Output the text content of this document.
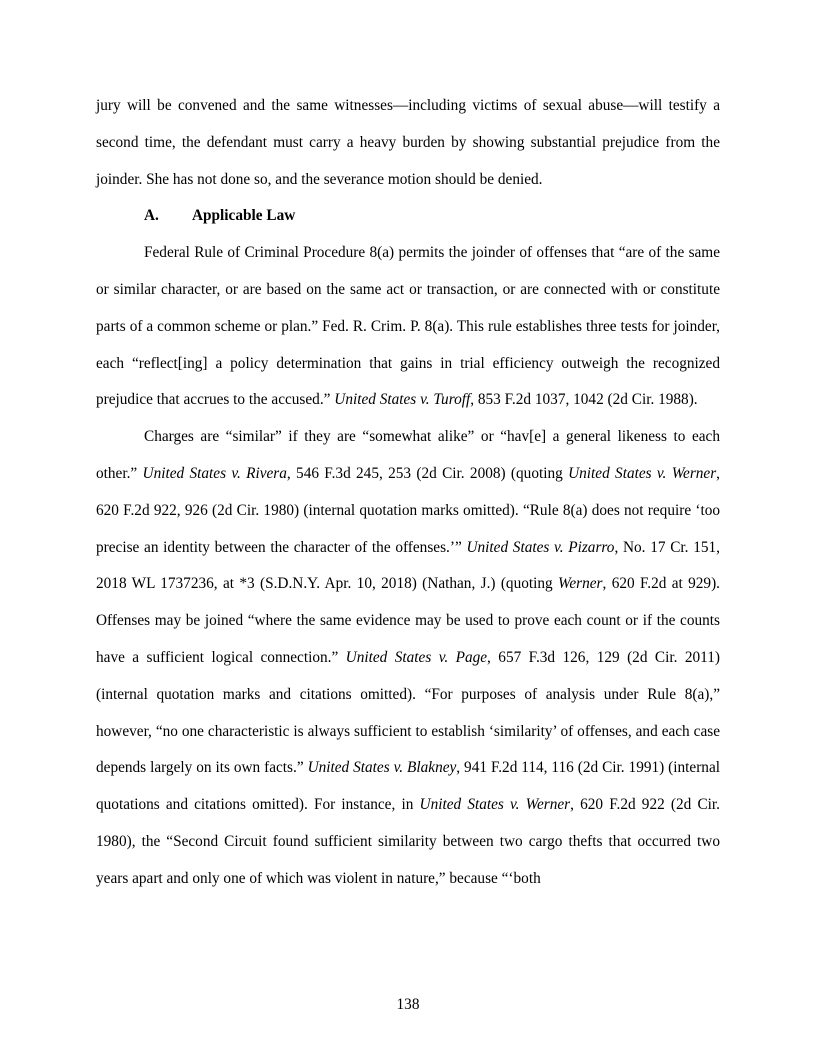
jury will be convened and the same witnesses—including victims of sexual abuse—will testify a second time, the defendant must carry a heavy burden by showing substantial prejudice from the joinder. She has not done so, and the severance motion should be denied.

A. Applicable Law

Federal Rule of Criminal Procedure 8(a) permits the joinder of offenses that “are of the same or similar character, or are based on the same act or transaction, or are connected with or constitute parts of a common scheme or plan.” Fed. R. Crim. P. 8(a). This rule establishes three tests for joinder, each “reflect[ing] a policy determination that gains in trial efficiency outweigh the recognized prejudice that accrues to the accused.” United States v. Turoff, 853 F.2d 1037, 1042 (2d Cir. 1988).

Charges are “similar” if they are “somewhat alike” or “hav[e] a general likeness to each other.” United States v. Rivera, 546 F.3d 245, 253 (2d Cir. 2008) (quoting United States v. Werner, 620 F.2d 922, 926 (2d Cir. 1980) (internal quotation marks omitted). “Rule 8(a) does not require ‘too precise an identity between the character of the offenses.’” United States v. Pizarro, No. 17 Cr. 151, 2018 WL 1737236, at *3 (S.D.N.Y. Apr. 10, 2018) (Nathan, J.) (quoting Werner, 620 F.2d at 929). Offenses may be joined “where the same evidence may be used to prove each count or if the counts have a sufficient logical connection.” United States v. Page, 657 F.3d 126, 129 (2d Cir. 2011) (internal quotation marks and citations omitted). “For purposes of analysis under Rule 8(a),” however, “no one characteristic is always sufficient to establish ‘similarity’ of offenses, and each case depends largely on its own facts.” United States v. Blakney, 941 F.2d 114, 116 (2d Cir. 1991) (internal quotations and citations omitted). For instance, in United States v. Werner, 620 F.2d 922 (2d Cir. 1980), the “Second Circuit found sufficient similarity between two cargo thefts that occurred two years apart and only one of which was violent in nature,” because “‘both

138
